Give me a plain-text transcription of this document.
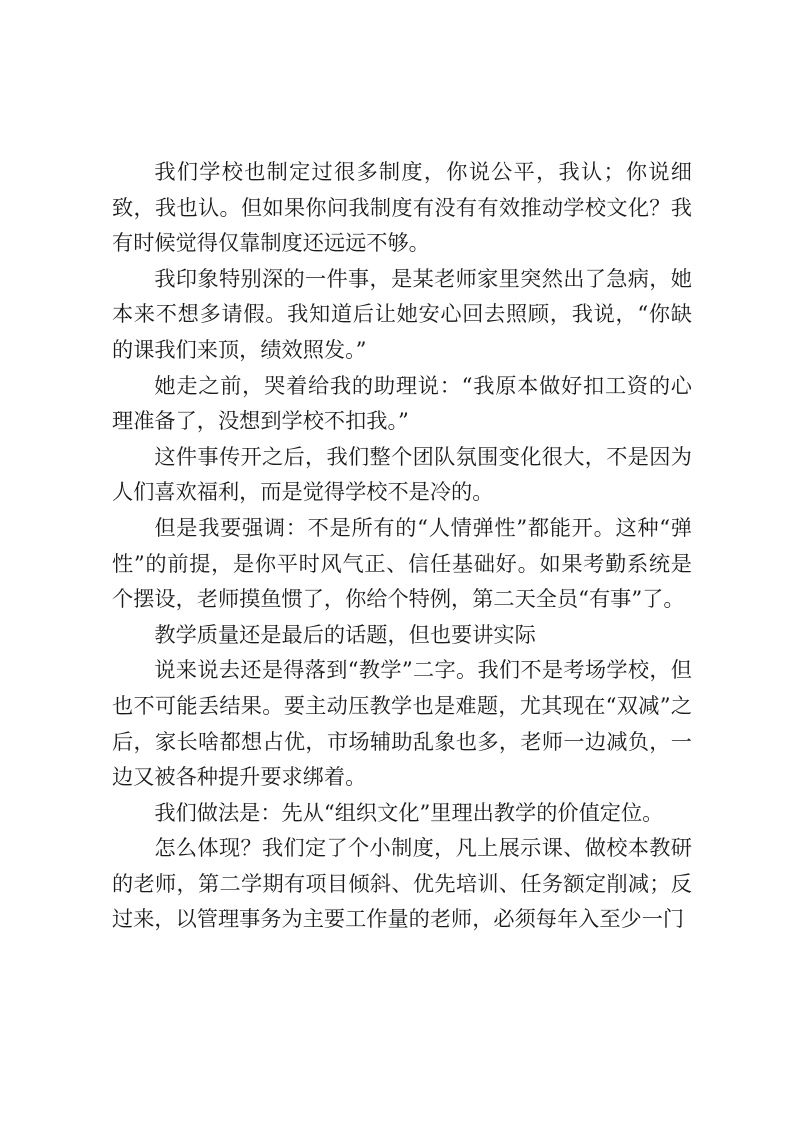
我们学校也制定过很多制度，你说公平，我认；你说细致，我也认。但如果你问我制度有没有有效推动学校文化？我有时候觉得仅靠制度还远远不够。

我印象特别深的一件事，是某老师家里突然出了急病，她本来不想多请假。我知道后让她安心回去照顾，我说，“你缺的课我们来顶，绩效照发。”

她走之前，哭着给我的助理说：“我原本做好扣工资的心理准备了，没想到学校不扣我。”

这件事传开之后，我们整个团队氛围变化很大，不是因为人们喜欢福利，而是觉得学校不是冷的。

但是我要强调：不是所有的“人情弹性”都能开。这种“弹性”的前提，是你平时风气正、信任基础好。如果考勤系统是个摆设，老师摸鱼惯了，你给个特例，第二天全员“有事”了。

教学质量还是最后的话题，但也要讲实际

说来说去还是得落到“教学”二字。我们不是考场学校，但也不可能丢结果。要主动压教学也是难题，尤其现在“双减”之后，家长啥都想占优，市场辅助乱象也多，老师一边减负，一边又被各种提升要求绑着。

我们做法是：先从“组织文化”里理出教学的价值定位。

怎么体现？我们定了个小制度，凡上展示课、做校本教研的老师，第二学期有项目倾斜、优先培训、任务额定削减；反过来，以管理事务为主要工作量的老师，必须每年入至少一门
